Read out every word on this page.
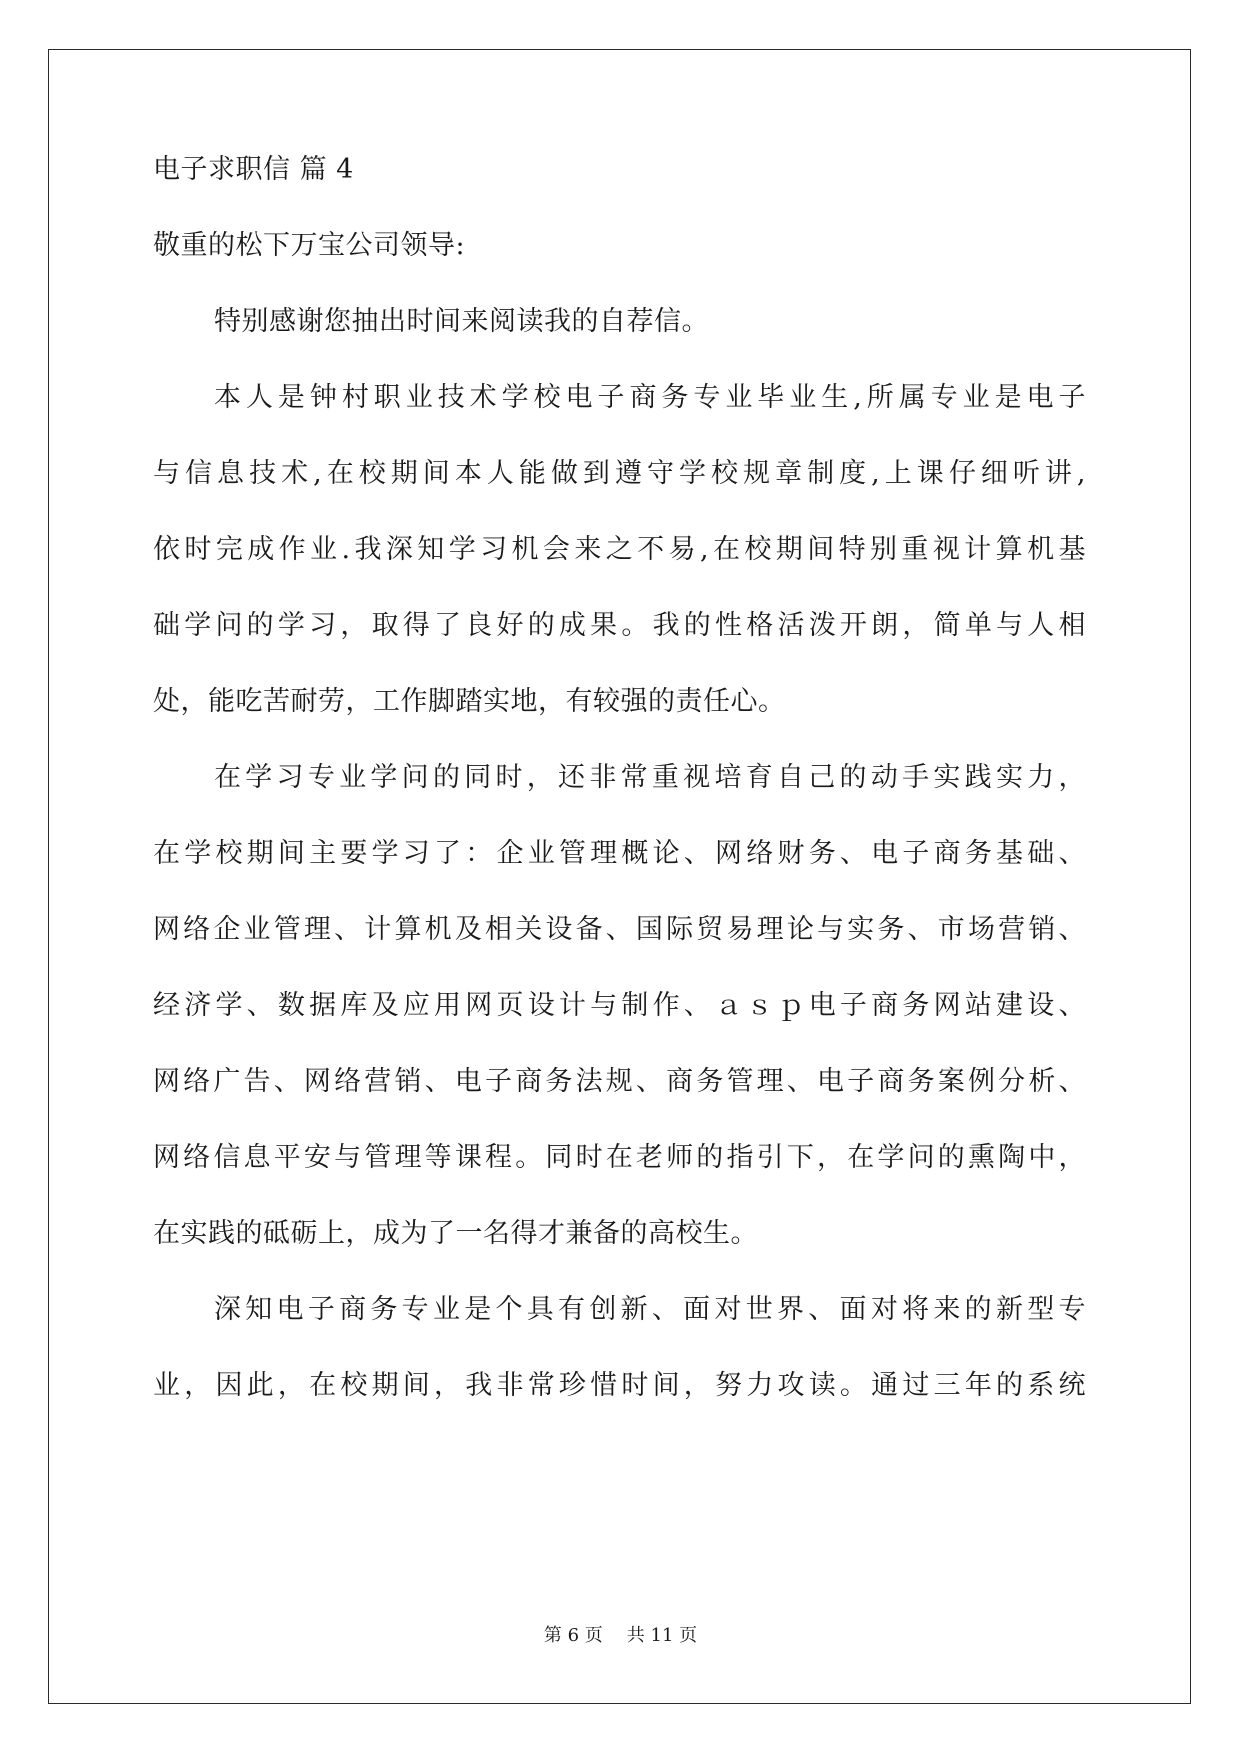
电子求职信 篇 4
敬重的松下万宝公司领导:
特别感谢您抽出时间来阅读我的自荐信。
本人是钟村职业技术学校电子商务专业毕业生,所属专业是电子
与信息技术,在校期间本人能做到遵守学校规章制度,上课仔细听讲,
依时完成作业.我深知学习机会来之不易,在校期间特别重视计算机基
础学问的学习，取得了良好的成果。我的性格活泼开朗，简单与人相
处，能吃苦耐劳，工作脚踏实地，有较强的责任心。
在学习专业学问的同时，还非常重视培育自己的动手实践实力，
在学校期间主要学习了：企业管理概论、网络财务、电子商务基础、
网络企业管理、计算机及相关设备、国际贸易理论与实务、市场营销、
经济学、数据库及应用网页设计与制作、ａｓｐ电子商务网站建设、
网络广告、网络营销、电子商务法规、商务管理、电子商务案例分析、
网络信息平安与管理等课程。同时在老师的指引下，在学问的熏陶中，
在实践的砥砺上，成为了一名得才兼备的高校生。
深知电子商务专业是个具有创新、面对世界、面对将来的新型专
业，因此，在校期间，我非常珍惜时间，努力攻读。通过三年的系统
第 6 页 共 11 页
